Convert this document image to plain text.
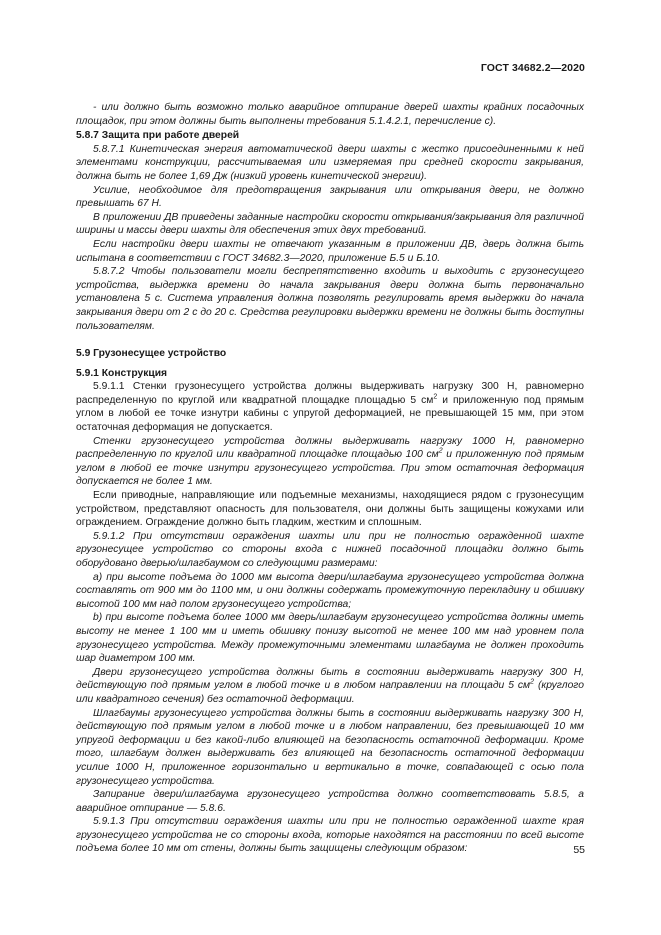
ГОСТ 34682.2—2020

- или должно быть возможно только аварийное отпирание дверей шахты крайних посадочных площадок, при этом должны быть выполнены требования 5.1.4.2.1, перечисление с).

5.8.7 Защита при работе дверей

5.8.7.1 Кинетическая энергия автоматической двери шахты с жестко присоединенными к ней элементами конструкции, рассчитываемая или измеряемая при средней скорости закрывания, должна быть не более 1,69 Дж (низкий уровень кинетической энергии).

Усилие, необходимое для предотвращения закрывания или открывания двери, не должно превышать 67 Н.

В приложении ДВ приведены заданные настройки скорости открывания/закрывания для различной ширины и массы двери шахты для обеспечения этих двух требований.

Если настройки двери шахты не отвечают указанным в приложении ДВ, дверь должна быть испытана в соответствии с ГОСТ 34682.3—2020, приложение Б.5 и Б.10.

5.8.7.2 Чтобы пользователи могли беспрепятственно входить и выходить с грузонесущего устройства, выдержка времени до начала закрывания двери должна быть первоначально установлена 5 с. Система управления должна позволять регулировать время выдержки до начала закрывания двери от 2 с до 20 с. Средства регулировки выдержки времени не должны быть доступны пользователям.

5.9 Грузонесущее устройство

5.9.1 Конструкция

5.9.1.1 Стенки грузонесущего устройства должны выдерживать нагрузку 300 Н, равномерно распределенную по круглой или квадратной площадке площадью 5 $см^2$ и приложенную под прямым углом в любой ее точке изнутри кабины с упругой деформацией, не превышающей 15 мм, при этом остаточная деформация не допускается.

Стенки грузонесущего устройства должны выдерживать нагрузку 1000 Н, равномерно распределенную по круглой или квадратной площадке площадью 100 $см^2$ и приложенную под прямым углом в любой ее точке изнутри грузонесущего устройства. При этом остаточная деформация допускается не более 1 мм.

Если приводные, направляющие или подъемные механизмы, находящиеся рядом с грузонесущим устройством, представляют опасность для пользователя, они должны быть защищены кожухами или ограждением. Ограждение должно быть гладким, жестким и сплошным.

5.9.1.2 При отсутствии ограждения шахты или при не полностью огражденной шахте грузонесущее устройство со стороны входа с нижней посадочной площадки должно быть оборудовано дверью/шлагбаумом со следующими размерами:

а) при высоте подъема до 1000 мм высота двери/шлагбаума грузонесущего устройства должна составлять от 900 мм до 1100 мм, и они должны содержать промежуточную перекладину и обшивку высотой 100 мм над полом грузонесущего устройства;

b) при высоте подъема более 1000 мм дверь/шлагбаум грузонесущего устройства должны иметь высоту не менее 1 100 мм и иметь обшивку понизу высотой не менее 100 мм над уровнем пола грузонесущего устройства. Между промежуточными элементами шлагбаума не должен проходить шар диаметром 100 мм.

Двери грузонесущего устройства должны быть в состоянии выдерживать нагрузку 300 Н, действующую под прямым углом в любой точке и в любом направлении на площади 5 $см^2$ (круглого или квадратного сечения) без остаточной деформации.

Шлагбаумы грузонесущего устройства должны быть в состоянии выдерживать нагрузку 300 Н, действующую под прямым углом в любой точке и в любом направлении, без превышающей 10 мм упругой деформации и без какой-либо влияющей на безопасность остаточной деформации. Кроме того, шлагбаум должен выдерживать без влияющей на безопасность остаточной деформации усилие 1000 Н, приложенное горизонтально и вертикально в точке, совпадающей с осью пола грузонесущего устройства.

Запирание двери/шлагбаума грузонесущего устройства должно соответствовать 5.8.5, а аварийное отпирание — 5.8.6.

5.9.1.3 При отсутствии ограждения шахты или при не полностью огражденной шахте края грузонесущего устройства не со стороны входа, которые находятся на расстоянии по всей высоте подъема более 10 мм от стены, должны быть защищены следующим образом:	55
